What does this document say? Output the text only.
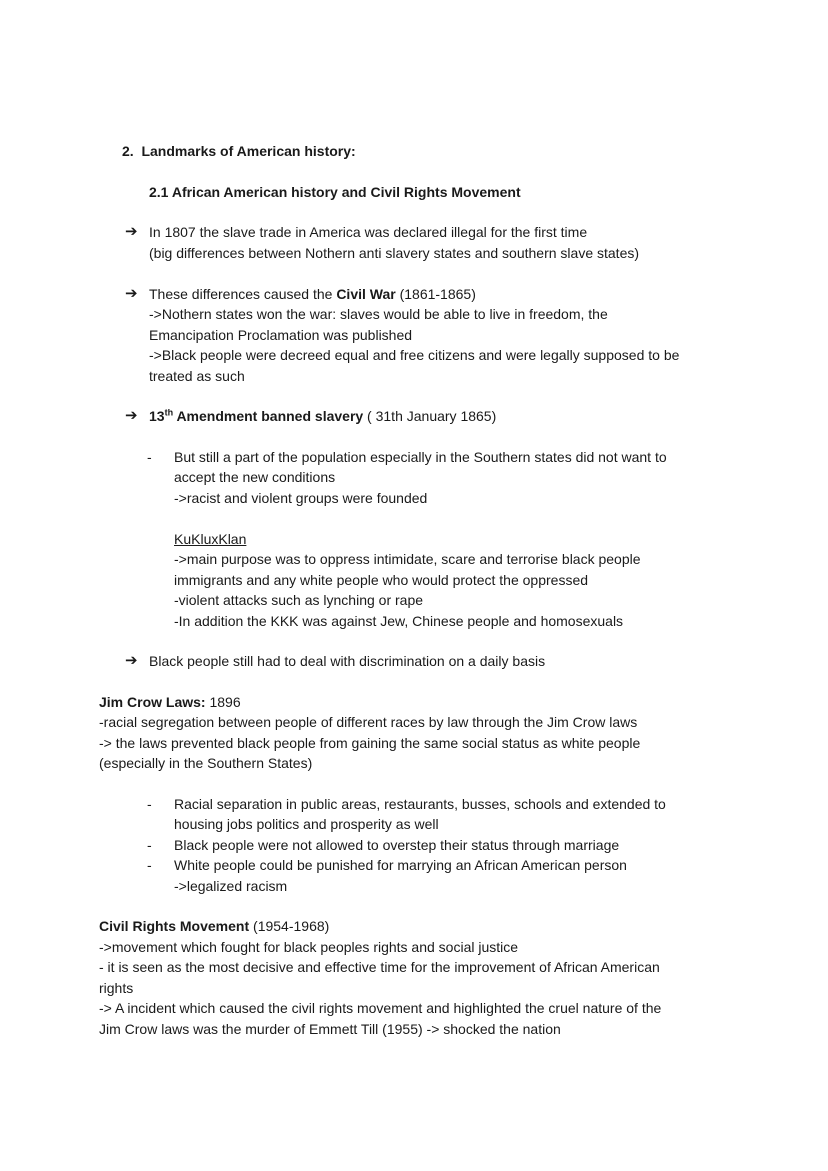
2. Landmarks of American history:
2.1 African American history and Civil Rights Movement
➔ In 1807 the slave trade in America was declared illegal for the first time
(big differences between Nothern anti slavery states and southern slave states)
➔ These differences caused the Civil War (1861-1865)
->Nothern states won the war: slaves would be able to live in freedom, the
Emancipation Proclamation was published
->Black people were decreed equal and free citizens and were legally supposed to be
treated as such
➔ 13th Amendment banned slavery ( 31th January 1865)
-	But still a part of the population especially in the Southern states did not want to
accept the new conditions
->racist and violent groups were founded
KuKluxKlan
->main purpose was to oppress intimidate, scare and terrorise black people
immigrants and any white people who would protect the oppressed
-violent attacks such as lynching or rape
-In addition the KKK was against Jew, Chinese people and homosexuals
➔ Black people still had to deal with discrimination on a daily basis
Jim Crow Laws: 1896
-racial segregation between people of different races by law through the Jim Crow laws
-> the laws prevented black people from gaining the same social status as white people
(especially in the Southern States)
-	Racial separation in public areas, restaurants, busses, schools and extended to
housing jobs politics and prosperity as well
-	Black people were not allowed to overstep their status through marriage
-	White people could be punished for marrying an African American person
->legalized racism
Civil Rights Movement (1954-1968)
->movement which fought for black peoples rights and social justice
- it is seen as the most decisive and effective time for the improvement of African American
rights
-> A incident which caused the civil rights movement and highlighted the cruel nature of the
Jim Crow laws was the murder of Emmett Till (1955) -> shocked the nation
